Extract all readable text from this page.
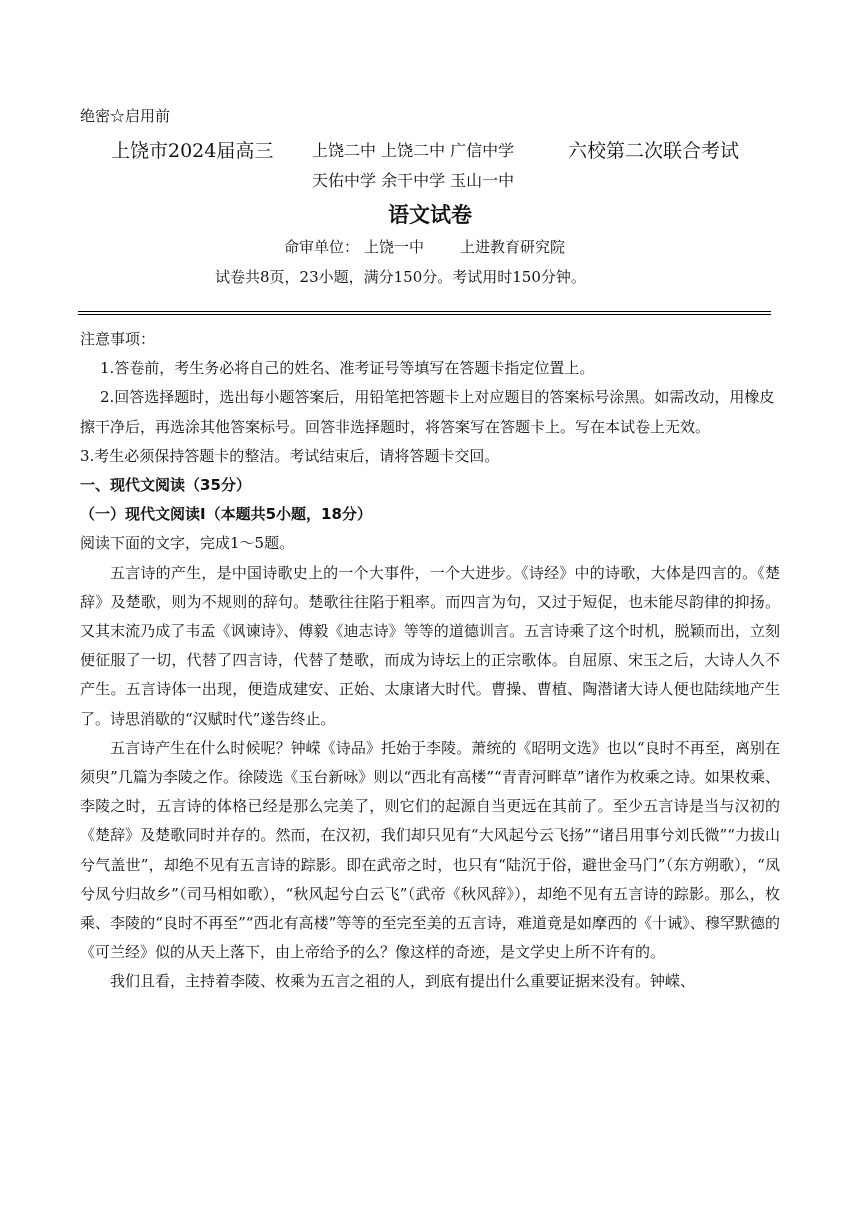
绝密☆启用前
上饶市2024届高三 上饶二中 上饶二中 广信中学	六校第二次联合考试
天佑中学 余干中学 玉山一中
语文试卷
命审单位： 上饶一中 上进教育研究院
试卷共8页，23小题，满分150分。考试用时150分钟。

注意事项：

1.答卷前，考生务必将自己的姓名、准考证号等填写在答题卡指定位置上。

2.回答选择题时，选出每小题答案后，用铅笔把答题卡上对应题目的答案标号涂黑。如需改动，用橡皮擦干净后，再选涂其他答案标号。回答非选择题时，将答案写在答题卡上。写在本试卷上无效。

3.考生必须保持答题卡的整洁。考试结束后，请将答题卡交回。

一、现代文阅读（35分）

（一）现代文阅读Ⅰ（本题共5小题，18分）

阅读下面的文字，完成1～5题。

五言诗的产生，是中国诗歌史上的一个大事件，一个大进步。《诗经》中的诗歌，大体是四言的。《楚辞》及楚歌，则为不规则的辞句。楚歌往往陷于粗率。而四言为句，又过于短促，也未能尽韵律的抑扬。又其末流乃成了韦孟《讽谏诗》、傅毅《迪志诗》等等的道德训言。五言诗乘了这个时机，脱颖而出，立刻便征服了一切，代替了四言诗，代替了楚歌，而成为诗坛上的正宗歌体。自屈原、宋玉之后，大诗人久不产生。五言诗体一出现，便造成建安、正始、太康诸大时代。曹操、曹植、陶潜诸大诗人便也陆续地产生了。诗思消歇的“汉赋时代”遂告终止。

五言诗产生在什么时候呢？钟嵘《诗品》托始于李陵。萧统的《昭明文选》也以“良时不再至，离别在须臾”几篇为李陵之作。徐陵选《玉台新咏》则以“西北有高楼”“青青河畔草”诸作为枚乘之诗。如果枚乘、李陵之时，五言诗的体格已经是那么完美了，则它们的起源自当更远在其前了。至少五言诗是当与汉初的《楚辞》及楚歌同时并存的。然而，在汉初，我们却只见有“大风起兮云飞扬”“诸吕用事兮刘氏微”“力拔山兮气盖世”，却绝不见有五言诗的踪影。即在武帝之时，也只有“陆沉于俗，避世金马门”（东方朔歌），“凤兮凤兮归故乡”（司马相如歌），“秋风起兮白云飞”（武帝《秋风辞》），却绝不见有五言诗的踪影。那么，枚乘、李陵的“良时不再至”“西北有高楼”等等的至完至美的五言诗，难道竟是如摩西的《十诫》、穆罕默德的《可兰经》似的从天上落下，由上帝给予的么？像这样的奇迹，是文学史上所不许有的。

我们且看，主持着李陵、枚乘为五言之祖的人，到底有提出什么重要证据来没有。钟嵘、
